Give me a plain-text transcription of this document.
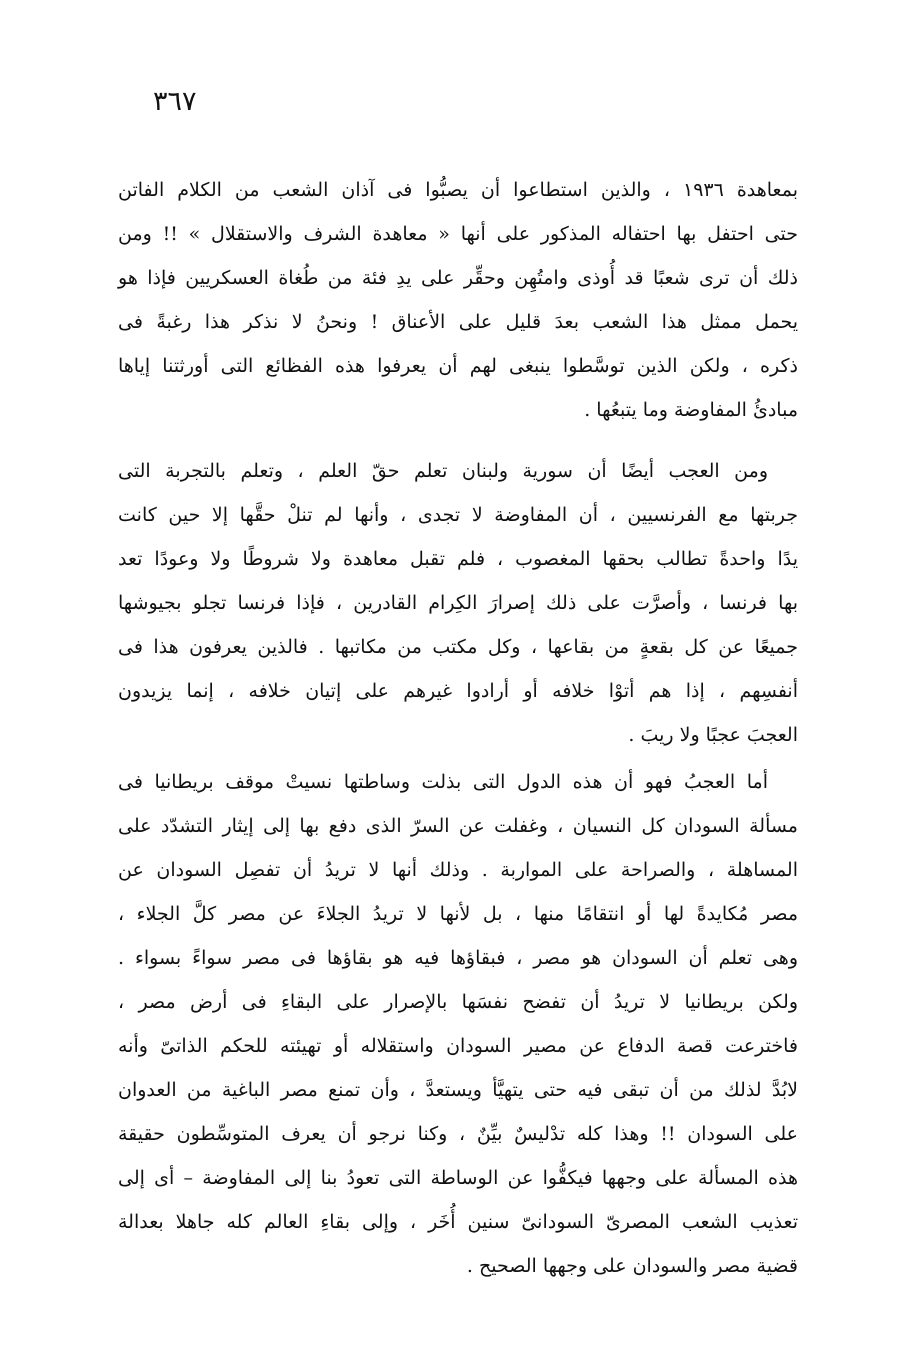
٣٦٧
بمعاهدة ١٩٣٦ ، والذين استطاعوا أن يصبُّوا فى آذان الشعب من الكلام الفاتن
حتى احتفل بها احتفاله المذكور على أنها « معاهدة الشرف والاستقلال » !! ومن
ذلك أن ترى شعبًا قد أُوذى وامتُهِن وحقِّر على يدِ فئة من طُغاة العسكريين فإذا هو
يحمل ممثل هذا الشعب بعدَ قليل على الأعناق ! ونحنُ لا نذكر هذا رغبةً فى
ذكره ، ولكن الذين توسَّطوا ينبغى لهم أن يعرفوا هذه الفظائع التى أورثتنا إياها
مبادئُ المفاوضة وما يتبعُها .
ومن العجب أيضًا أن سورية ولبنان تعلم حقّ العلم ، وتعلم بالتجربة التى
جربتها مع الفرنسيين ، أن المفاوضة لا تجدى ، وأنها لم تنلْ حقَّها إلا حين كانت
يدًا واحدةً تطالب بحقها المغصوب ، فلم تقبل معاهدة ولا شروطًا ولا وعودًا تعد
بها فرنسا ، وأصرَّت على ذلك إصرارَ الكِرام القادرين ، فإذا فرنسا تجلو بجيوشها
جميعًا عن كل بقعةٍ من بقاعها ، وكل مكتب من مكاتبها . فالذين يعرفون هذا فى
أنفسِهم ، إذا هم أتوْا خلافه أو أرادوا غيرهم على إتيان خلافه ، إنما يزيدون
العجبَ عجبًا ولا ريبَ .
أما العجبُ فهو أن هذه الدول التى بذلت وساطتها نسيتْ موقف بريطانيا فى
مسألة السودان كل النسيان ، وغفلت عن السرّ الذى دفع بها إلى إيثار التشدّد على
المساهلة ، والصراحة على المواربة . وذلك أنها لا تريدُ أن تفصِل السودان عن
مصر مُكايدةً لها أو انتقامًا منها ، بل لأنها لا تريدُ الجلاءَ عن مصر كلَّ الجلاء ،
وهى تعلم أن السودان هو مصر ، فبقاؤها فيه هو بقاؤها فى مصر سواءً بسواء .
ولكن بريطانيا لا تريدُ أن تفضح نفسَها بالإصرار على البقاءِ فى أرض مصر ،
فاخترعت قصة الدفاع عن مصير السودان واستقلاله أو تهيئته للحكم الذاتىّ وأنه
لابُدَّ لذلك من أن تبقى فيه حتى يتهيَّأ ويستعدَّ ، وأن تمنع مصر الباغية من العدوان
على السودان !! وهذا كله تدْليسٌ بيِّنٌ ، وكنا نرجو أن يعرف المتوسِّطون حقيقة
هذه المسألة على وجهها فيكفُّوا عن الوساطة التى تعودُ بنا إلى المفاوضة – أى إلى
تعذيب الشعب المصرىّ السودانىّ سنين أُخَر ، وإلى بقاءِ العالم كله جاهلا بعدالة
قضية مصر والسودان على وجهها الصحيح .
